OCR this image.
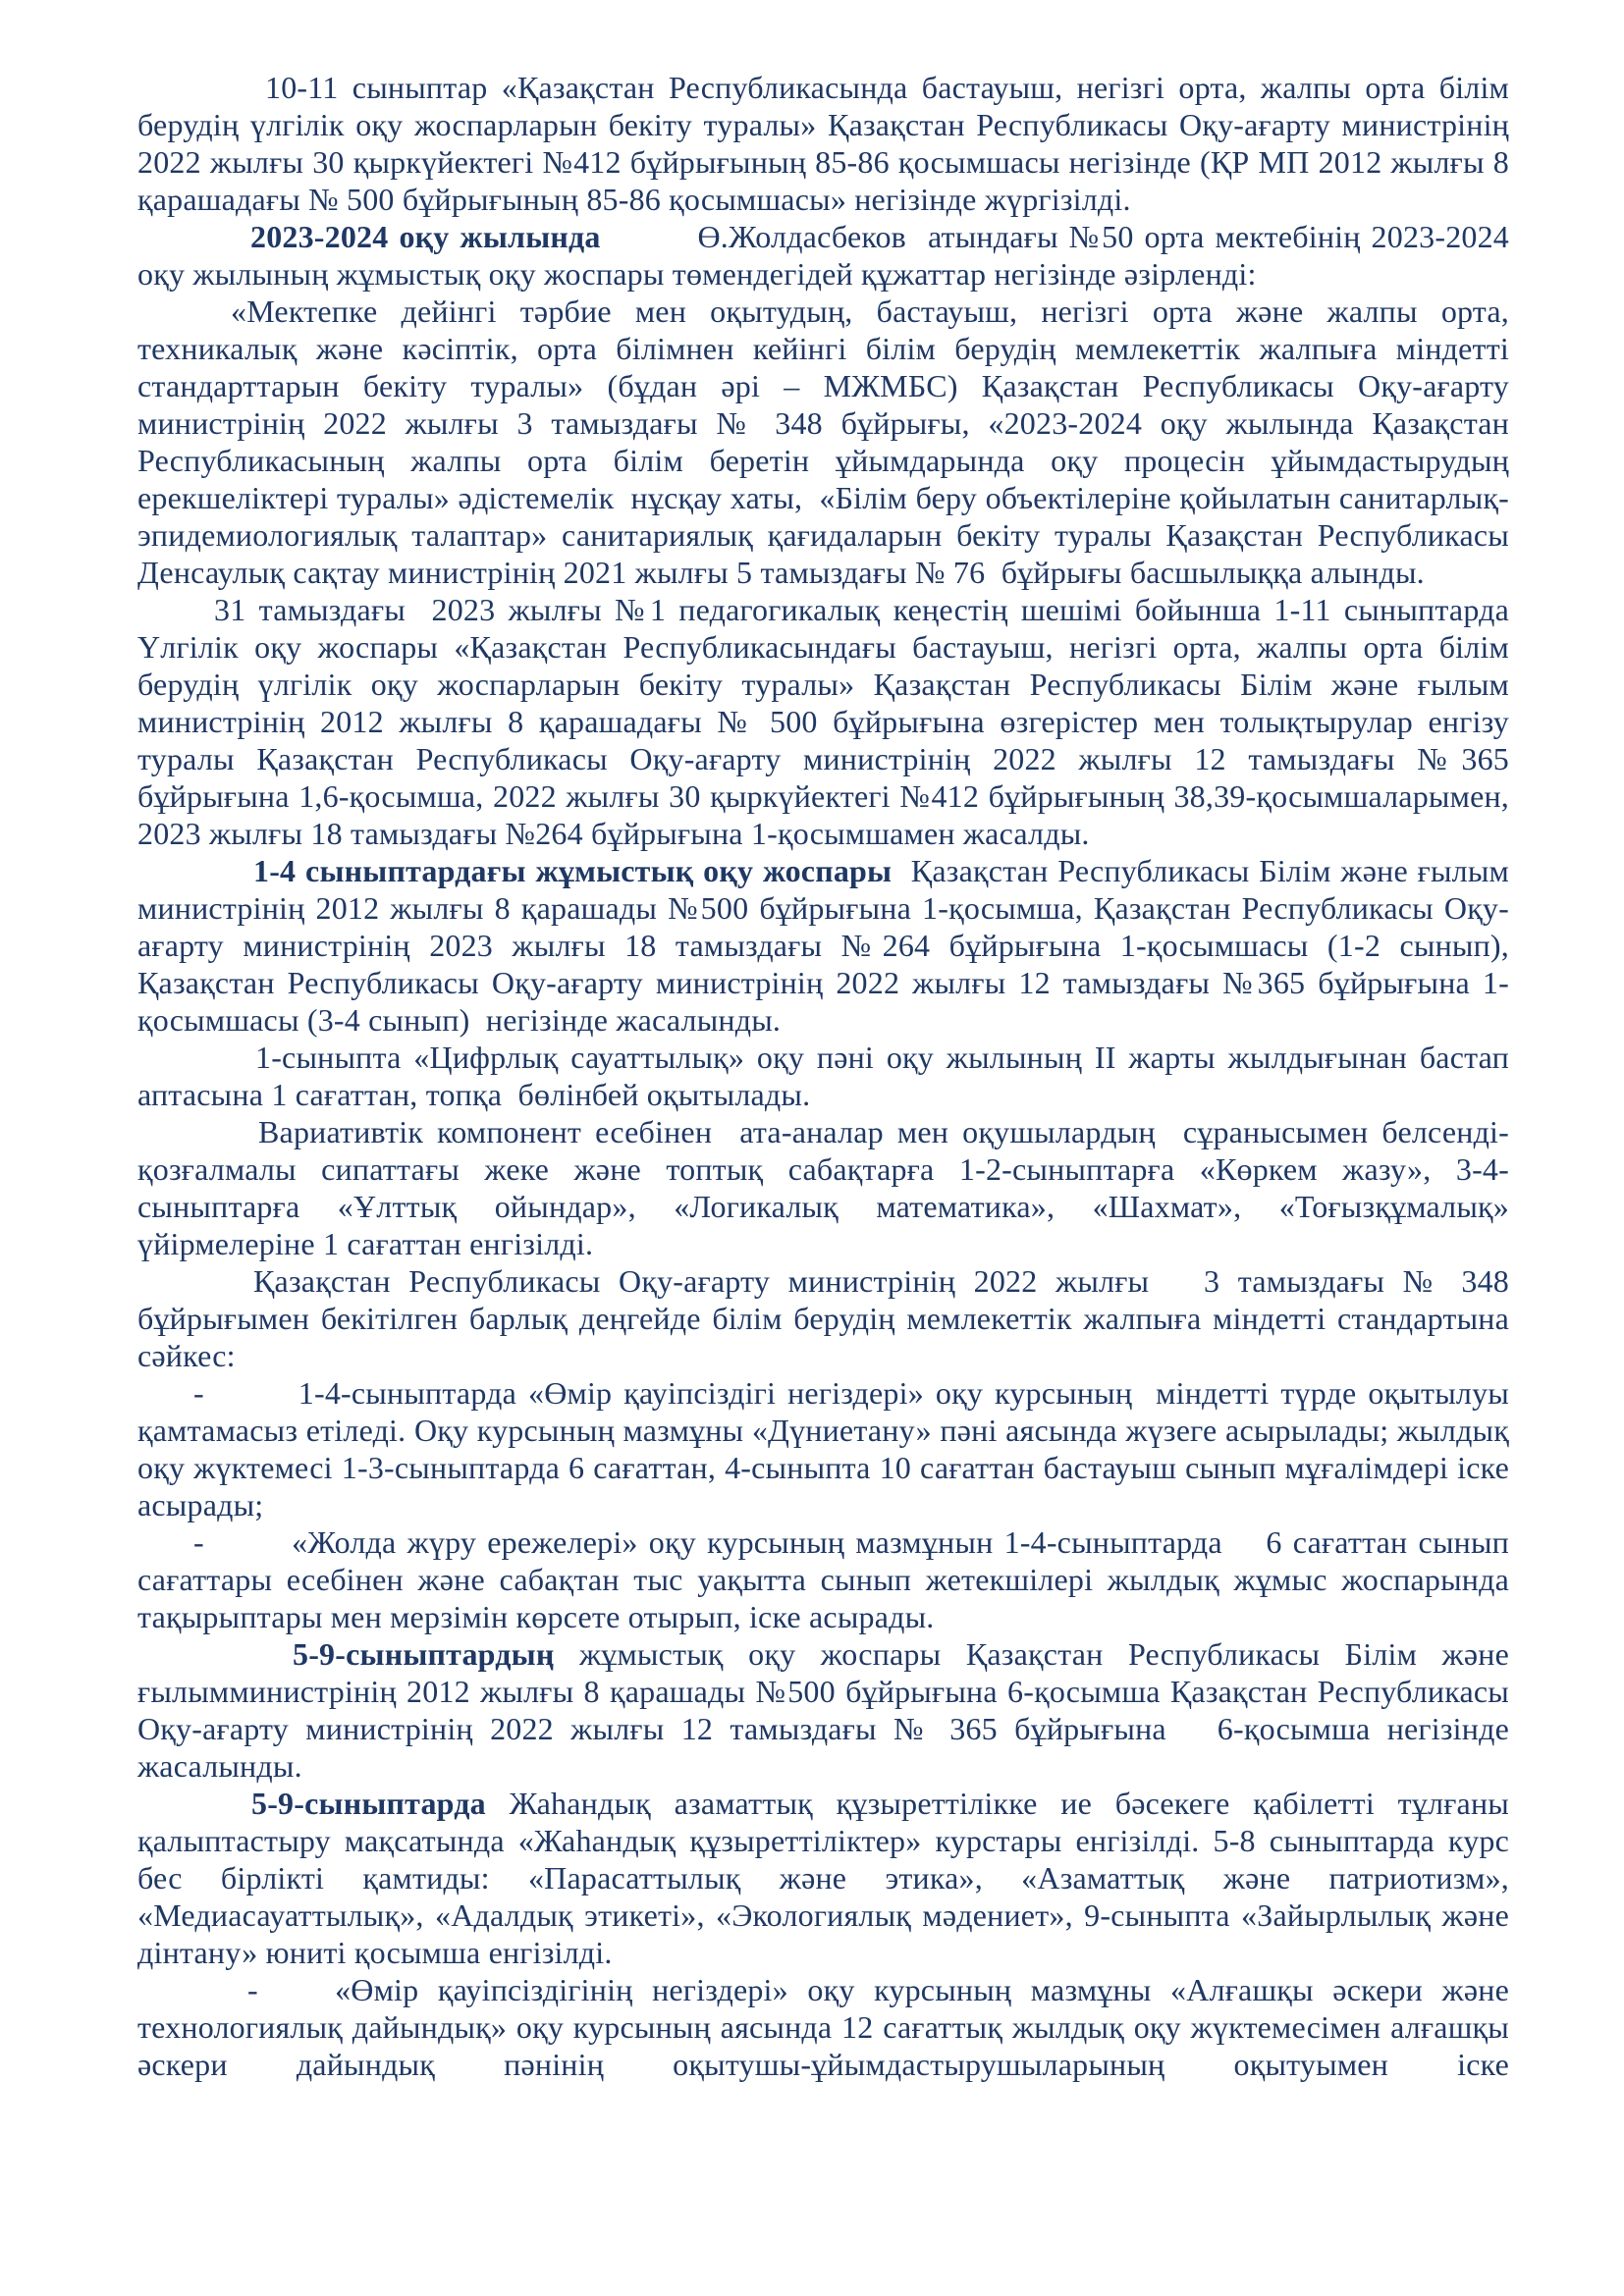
10-11 сыныптар «Қазақстан Республикасында бастауыш, негізгі орта, жалпы орта білім берудің үлгілік оқу жоспарларын бекіту туралы» Қазақстан Республикасы Оқу-ағарту министрінің 2022 жылғы 30 қыркүйектегі №412 бұйрығының 85-86 қосымшасы негізінде (ҚР МП 2012 жылғы 8 қарашадағы № 500 бұйрығының 85-86 қосымшасы» негізінде жүргізілді.

2023-2024 оқу жылында         Ө.Жолдасбеков  атындағы №50 орта мектебінің 2023-2024 оқу жылының жұмыстық оқу жоспары төмендегідей құжаттар негізінде әзірленді:

«Мектепке дейінгі тәрбие мен оқытудың, бастауыш, негізгі орта және жалпы орта, техникалық және кәсіптік, орта білімнен кейінгі білім берудің мемлекеттік жалпыға міндетті стандарттарын бекіту туралы» (бұдан әрі – МЖМБС) Қазақстан Республикасы Оқу-ағарту министрінің 2022 жылғы 3 тамыздағы № 348 бұйрығы, «2023-2024 оқу жылында Қазақстан Республикасының жалпы орта білім беретін ұйымдарында оқу процесін ұйымдастырудың ерекшеліктері туралы» әдістемелік  нұсқау хаты,  «Білім беру объектілеріне қойылатын санитарлық-эпидемиологиялық талаптар» санитариялық қағидаларын бекіту туралы Қазақстан Республикасы Денсаулық сақтау министрінің 2021 жылғы 5 тамыздағы № 76  бұйрығы басшылыққа алынды.

31 тамыздағы  2023 жылғы №1 педагогикалық кеңестің шешімі бойынша 1-11 сыныптарда Үлгілік оқу жоспары «Қазақстан Республикасындағы бастауыш, негізгі орта, жалпы орта білім берудің үлгілік оқу жоспарларын бекіту туралы» Қазақстан Республикасы Білім және ғылым министрінің 2012 жылғы 8 қарашадағы № 500 бұйрығына өзгерістер мен толықтырулар енгізу туралы Қазақстан Республикасы Оқу-ағарту министрінің 2022 жылғы 12 тамыздағы №365 бұйрығына 1,6-қосымша, 2022 жылғы 30 қыркүйектегі №412 бұйрығының 38,39-қосымшаларымен, 2023 жылғы 18 тамыздағы №264 бұйрығына 1-қосымшамен жасалды.

1-4 сыныптардағы жұмыстық оқу жоспары  Қазақстан Республикасы Білім және ғылым министрінің 2012 жылғы 8 қарашады №500 бұйрығына 1-қосымша, Қазақстан Республикасы Оқу-ағарту министрінің 2023 жылғы 18 тамыздағы №264 бұйрығына 1-қосымшасы (1-2 сынып), Қазақстан Республикасы Оқу-ағарту министрінің 2022 жылғы 12 тамыздағы №365 бұйрығына 1-қосымшасы (3-4 сынып)  негізінде жасалынды.

1-сыныпта «Цифрлық сауаттылық» оқу пәні оқу жылының II жарты жылдығынан бастап аптасына 1 сағаттан, топқа  бөлінбей оқытылады.

Вариативтік компонент есебінен  ата-аналар мен оқушылардың  сұранысымен белсенді-қозғалмалы сипаттағы жеке және топтық сабақтарға 1-2-сыныптарға «Көркем жазу», 3-4-сыныптарға «Ұлттық ойындар», «Логикалық математика», «Шахмат», «Тоғызқұмалық» үйірмелеріне 1 сағаттан енгізілді.

Қазақстан Республикасы Оқу-ағарту министрінің 2022 жылғы   3 тамыздағы № 348 бұйрығымен бекітілген барлық деңгейде білім берудің мемлекеттік жалпыға міндетті стандартына сәйкес:

-        1-4-сыныптарда «Өмір қауіпсіздігі негіздері» оқу курсының  міндетті түрде оқытылуы қамтамасыз етіледі. Оқу курсының мазмұны «Дүниетану» пәні аясында жүзеге асырылады; жылдық оқу жүктемесі 1-3-сыныптарда 6 сағаттан, 4-сыныпта 10 сағаттан бастауыш сынып мұғалімдері іске асырады;

-        «Жолда жүру ережелері» оқу курсының мазмұнын 1-4-сыныптарда    6 сағаттан сынып сағаттары есебінен және сабақтан тыс уақытта сынып жетекшілері жылдық жұмыс жоспарында тақырыптары мен мерзімін көрсете отырып, іске асырады.

5-9-сыныптардың жұмыстық оқу жоспары Қазақстан Республикасы Білім және ғылымминистрінің 2012 жылғы 8 қарашады №500 бұйрығына 6-қосымша Қазақстан Республикасы Оқу-ағарту министрінің 2022 жылғы 12 тамыздағы № 365 бұйрығына   6-қосымша негізінде жасалынды.

5-9-сыныптарда Жаһандық азаматтық құзыреттілікке ие бәсекеге қабілетті тұлғаны қалыптастыру мақсатында «Жаһандық құзыреттіліктер» курстары енгізілді. 5-8 сыныптарда курс бес бірлікті қамтиды: «Парасаттылық және этика», «Азаматтық және патриотизм», «Медиасауаттылық», «Адалдық этикеті», «Экологиялық мәдениет», 9-сыныпта «Зайырлылық және дінтану» юниті қосымша енгізілді.

-    «Өмір қауіпсіздігінің негіздері» оқу курсының мазмұны «Алғашқы әскери және технологиялық дайындық» оқу курсының аясында 12 сағаттық жылдық оқу жүктемесімен алғашқы әскери дайындық пәнінің оқытушы-ұйымдастырушыларының оқытуымен іске
